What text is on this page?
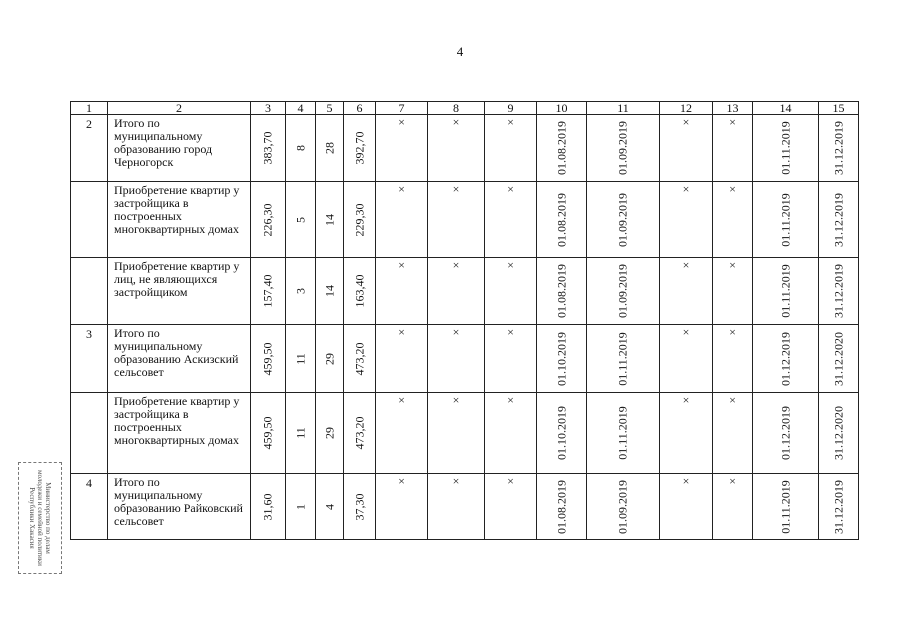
4
1	2	3	4	5	6	7	8	9	10	11	12	13	14	15
2	Итого по муниципальному образованию город Черногорск	383,70	8	28	392,70	×	×	×	01.08.2019	01.09.2019	×	×	01.11.2019	31.12.2019

	Приобретение квартир у застройщика в построенных многоквартирных домах	226,30	5	14	229,30	×	×	×	01.08.2019	01.09.2019	×	×	01.11.2019	31.12.2019

	Приобретение квартир у лиц, не являющихся застройщиком	157,40	3	14	163,40	×	×	×	01.08.2019	01.09.2019	×	×	01.11.2019	31.12.2019

3	Итого по муниципальному образованию Аскизский сельсовет	459,50	11	29	473,20	×	×	×	01.10.2019	01.11.2019	×	×	01.12.2019	31.12.2020

	Приобретение квартир у застройщика в построенных многоквартирных домах	459,50	11	29	473,20	×	×	×	01.10.2019	01.11.2019	×	×	01.12.2019	31.12.2020

4	Итого по муниципальному образованию Райковский сельсовет	31,60	1	4	37,30	×	×	×	01.08.2019	01.09.2019	×	×	01.11.2019	31.12.2019
Министерство по делам
молодежи и семейной политики
Республики Хакасия
